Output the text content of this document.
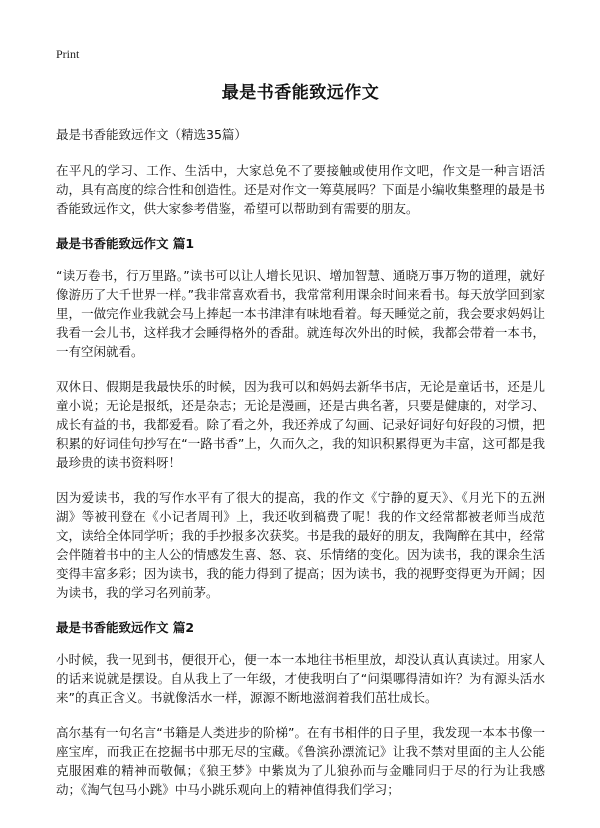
Print
最是书香能致远作文
最是书香能致远作文（精选35篇）

在平凡的学习、工作、生活中，大家总免不了要接触或使用作文吧，作文是一种言语活动，具有高度的综合性和创造性。还是对作文一筹莫展吗？下面是小编收集整理的最是书香能致远作文，供大家参考借鉴，希望可以帮助到有需要的朋友。

最是书香能致远作文 篇1

“读万卷书，行万里路。”读书可以让人增长见识、增加智慧、通晓万事万物的道理，就好像游历了大千世界一样。”我非常喜欢看书，我常常利用课余时间来看书。每天放学回到家里，一做完作业我就会马上捧起一本书津津有味地看着。每天睡觉之前，我会要求妈妈让我看一会儿书，这样我才会睡得格外的香甜。就连每次外出的时候，我都会带着一本书，一有空闲就看。

双休日、假期是我最快乐的时候，因为我可以和妈妈去新华书店，无论是童话书，还是儿童小说；无论是报纸，还是杂志；无论是漫画，还是古典名著，只要是健康的，对学习、成长有益的书，我都爱看。除了看之外，我还养成了勾画、记录好词好句好段的习惯，把积累的好词佳句抄写在“一路书香”上，久而久之，我的知识积累得更为丰富，这可都是我最珍贵的读书资料呀！

因为爱读书，我的写作水平有了很大的提高，我的作文《宁静的夏天》、《月光下的五洲湖》等被刊登在《小记者周刊》上，我还收到稿费了呢！我的作文经常都被老师当成范文，读给全体同学听；我的手抄报多次获奖。书是我的最好的朋友，我陶醉在其中，经常会伴随着书中的主人公的情感发生喜、怒、哀、乐情绪的变化。因为读书，我的课余生活变得丰富多彩；因为读书，我的能力得到了提高；因为读书，我的视野变得更为开阔；因为读书，我的学习名列前茅。

最是书香能致远作文 篇2

小时候，我一见到书，便很开心，便一本一本地往书柜里放，却没认真认真读过。用家人的话来说就是摆设。自从我上了一年级，才使我明白了“问渠哪得清如许？为有源头活水来”的真正含义。书就像活水一样，源源不断地滋润着我们茁壮成长。

高尔基有一句名言“书籍是人类进步的阶梯”。在有书相伴的日子里，我发现一本本书像一座宝库，而我正在挖掘书中那无尽的宝藏。《鲁滨孙漂流记》让我不禁对里面的主人公能克服困难的精神而敬佩；《狼王梦》中紫岚为了儿狼孙而与金雕同归于尽的行为让我感动；《淘气包马小跳》中马小跳乐观向上的精神值得我们学习；
